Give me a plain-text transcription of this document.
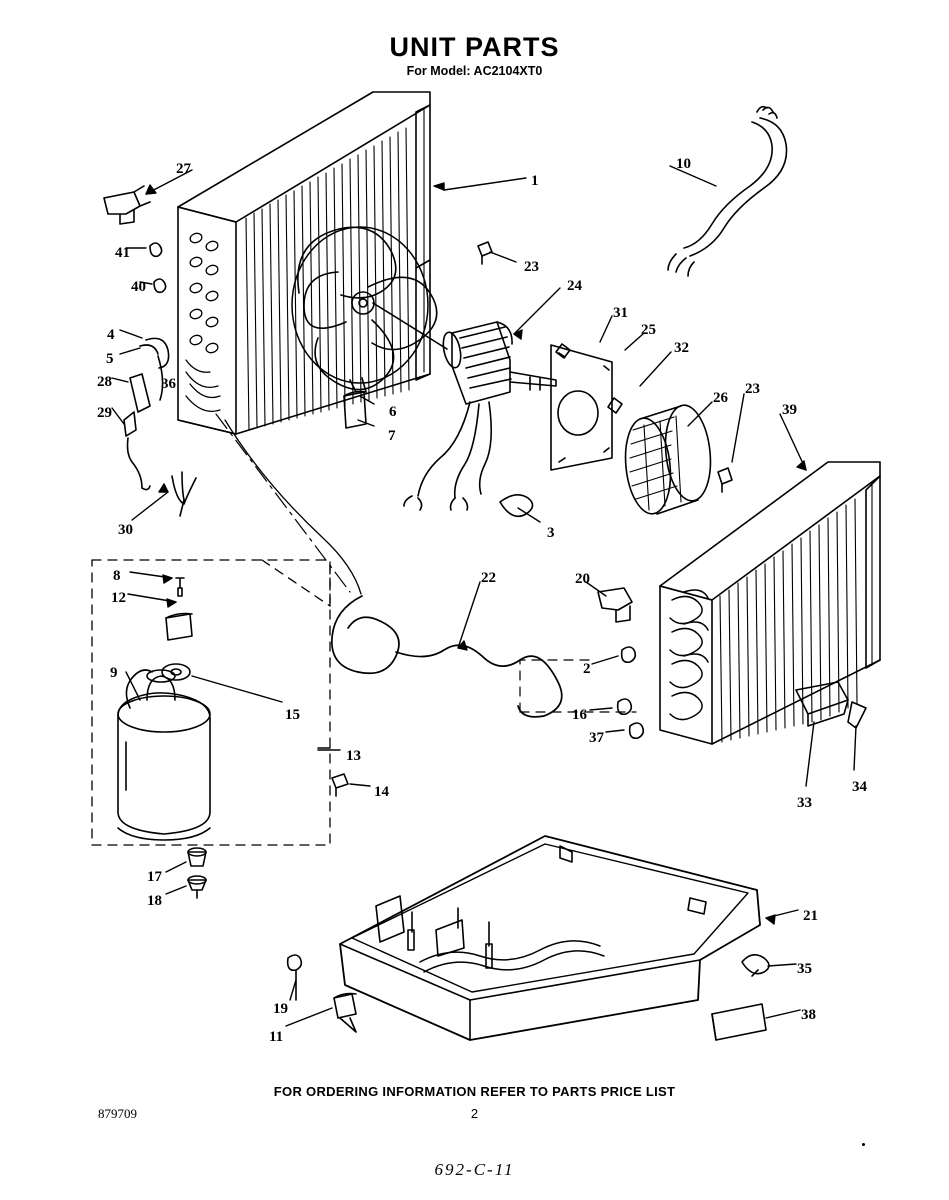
UNIT PARTS
For Model: AC2104XT0
FOR ORDERING INFORMATION REFER TO PARTS PRICE LIST
879709	2
692-C-11
1
2
3
4
5
6
7
8
9
10
11
12
13
14
15	16
17
18
19
20
21
22
23
23
24
25
26
27
28
29
30
31
32
33
34
35
36
37
38
39
40
41
